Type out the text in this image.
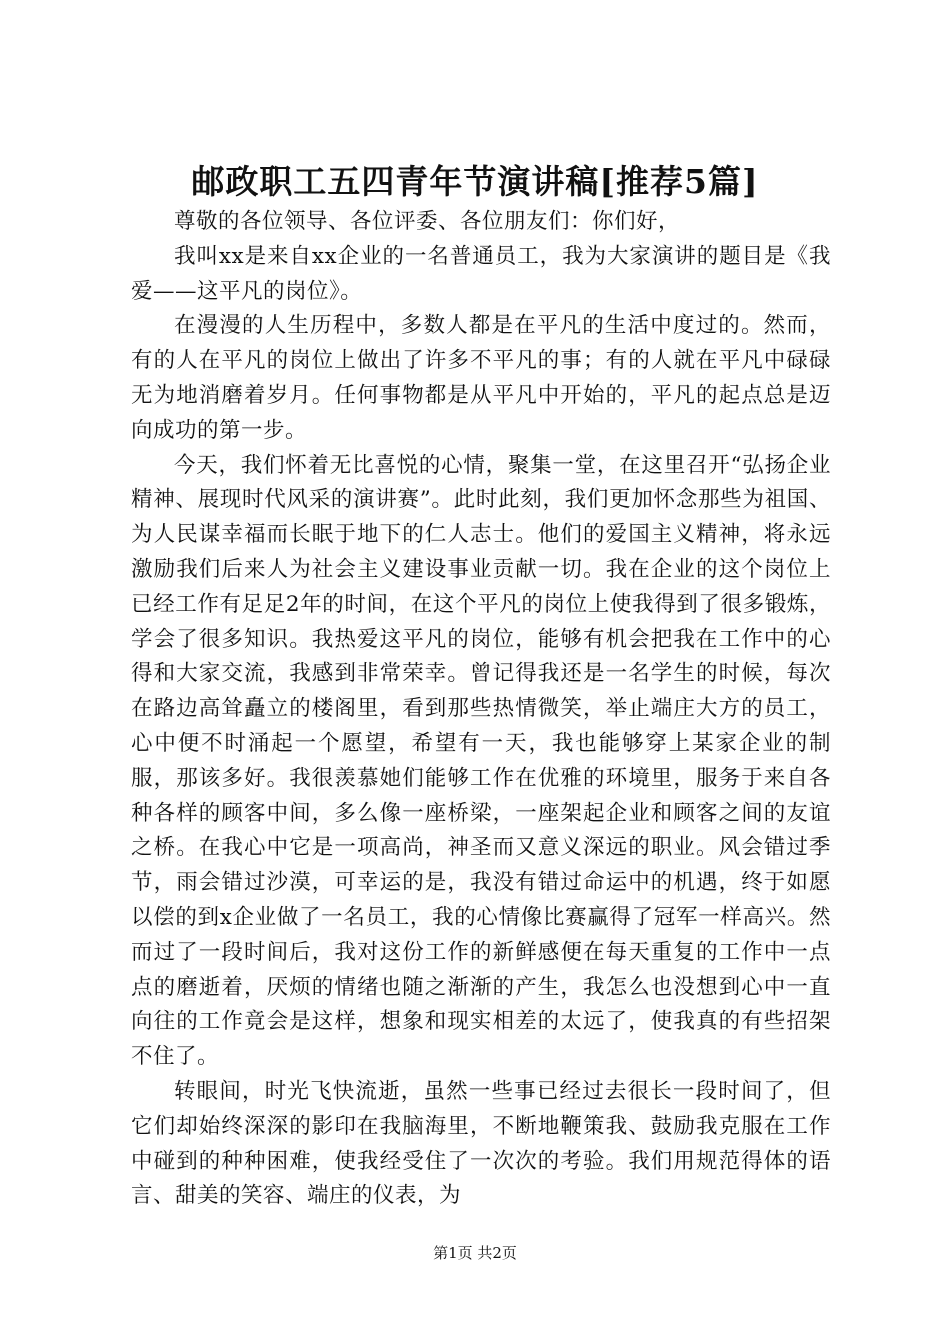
邮政职工五四青年节演讲稿[推荐5篇]

尊敬的各位领导、各位评委、各位朋友们：你们好，

我叫xx是来自xx企业的一名普通员工，我为大家演讲的题目是《我爱——这平凡的岗位》。

在漫漫的人生历程中，多数人都是在平凡的生活中度过的。然而，有的人在平凡的岗位上做出了许多不平凡的事；有的人就在平凡中碌碌无为地消磨着岁月。任何事物都是从平凡中开始的，平凡的起点总是迈向成功的第一步。

今天，我们怀着无比喜悦的心情，聚集一堂，在这里召开“弘扬企业精神、展现时代风采的演讲赛”。此时此刻，我们更加怀念那些为祖国、为人民谋幸福而长眠于地下的仁人志士。他们的爱国主义精神，将永远激励我们后来人为社会主义建设事业贡献一切。我在企业的这个岗位上已经工作有足足2年的时间，在这个平凡的岗位上使我得到了很多锻炼，学会了很多知识。我热爱这平凡的岗位，能够有机会把我在工作中的心得和大家交流，我感到非常荣幸。曾记得我还是一名学生的时候，每次在路边高耸矗立的楼阁里，看到那些热情微笑，举止端庄大方的员工，心中便不时涌起一个愿望，希望有一天，我也能够穿上某家企业的制服，那该多好。我很羡慕她们能够工作在优雅的环境里，服务于来自各种各样的顾客中间，多么像一座桥梁，一座架起企业和顾客之间的友谊之桥。在我心中它是一项高尚，神圣而又意义深远的职业。风会错过季节，雨会错过沙漠，可幸运的是，我没有错过命运中的机遇，终于如愿以偿的到x企业做了一名员工，我的心情像比赛赢得了冠军一样高兴。然而过了一段时间后，我对这份工作的新鲜感便在每天重复的工作中一点点的磨逝着，厌烦的情绪也随之渐渐的产生，我怎么也没想到心中一直向往的工作竟会是这样，想象和现实相差的太远了，使我真的有些招架不住了。

转眼间，时光飞快流逝，虽然一些事已经过去很长一段时间了，但它们却始终深深的影印在我脑海里，不断地鞭策我、鼓励我克服在工作中碰到的种种困难，使我经受住了一次次的考验。我们用规范得体的语言、甜美的笑容、端庄的仪表，为

第1页 共2页
